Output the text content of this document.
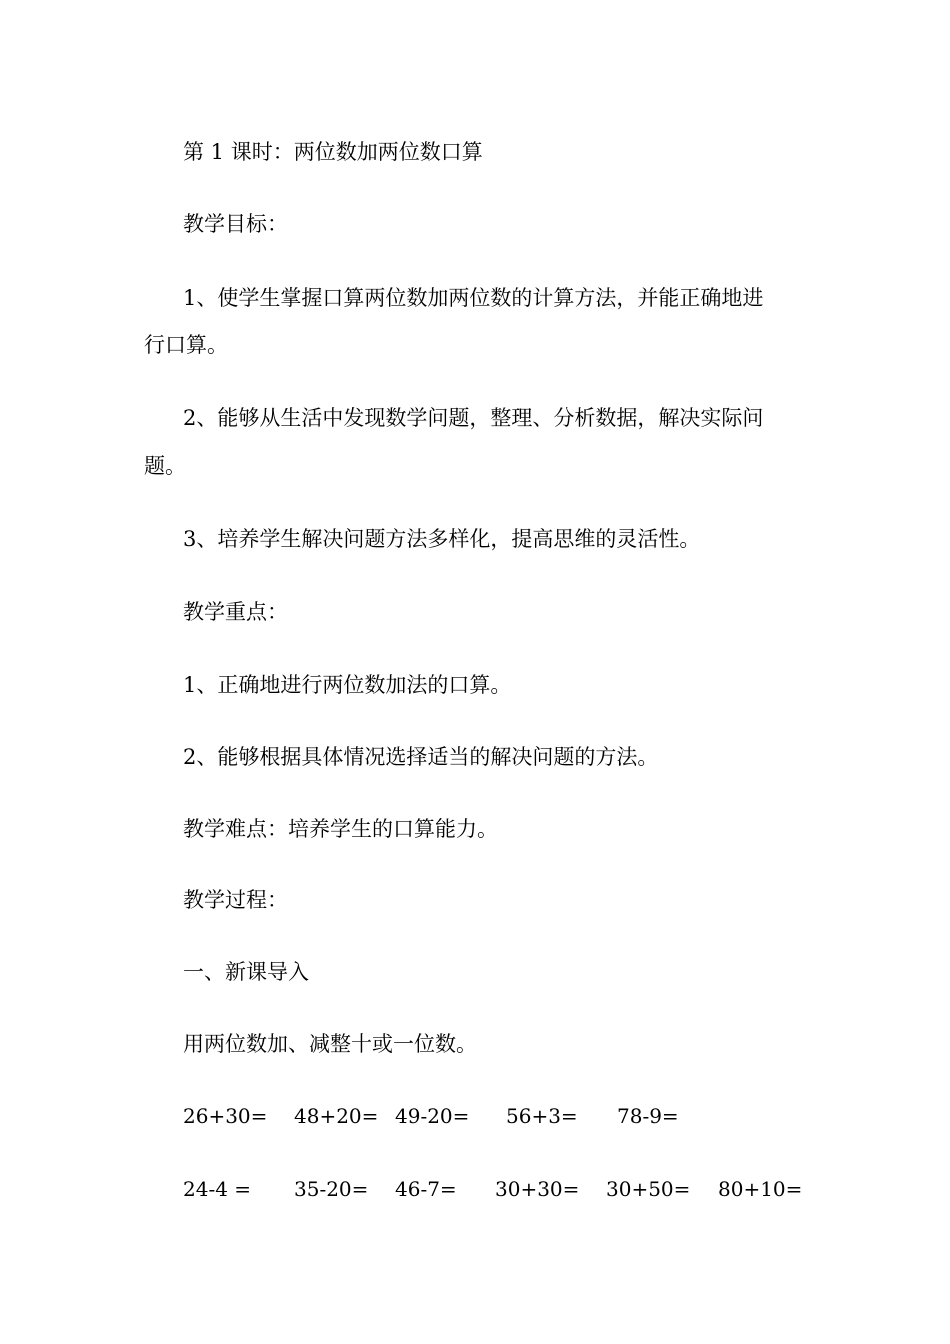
第 1 课时：两位数加两位数口算
教学目标：
1、使学生掌握口算两位数加两位数的计算方法，并能正确地进
行口算。
2、能够从生活中发现数学问题，整理、分析数据，解决实际问
题。
3、培养学生解决问题方法多样化，提高思维的灵活性。
教学重点：
1、正确地进行两位数加法的口算。
2、能够根据具体情况选择适当的解决问题的方法。
教学难点：培养学生的口算能力。
教学过程：
一、新课导入
用两位数加、减整十或一位数。
26+30= 48+20= 49-20= 56+3= 78-9=
24-4 = 35-20= 46-7= 30+30= 30+50= 80+10=
